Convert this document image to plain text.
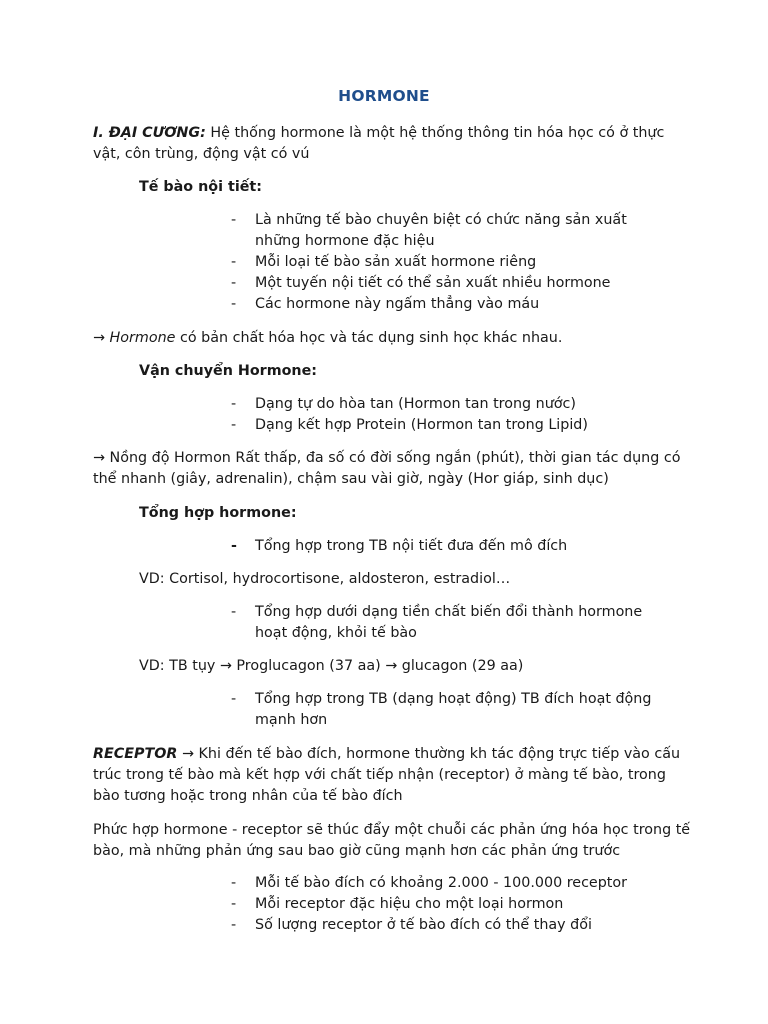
HORMONE
I. ĐẠI CƯƠNG: Hệ thống hormone là một hệ thống thông tin hóa học có ở thực vật, côn trùng, động vật có vú
Tế bào nội tiết:
- Là những tế bào chuyên biệt có chức năng sản xuất những hormone đặc hiệu
- Mỗi loại tế bào sản xuất hormone riêng
- Một tuyến nội tiết có thể sản xuất nhiều hormone
- Các hormone này ngấm thẳng vào máu
→ Hormone có bản chất hóa học và tác dụng sinh học khác nhau.
Vận chuyển Hormone:
- Dạng tự do hòa tan (Hormon tan trong nước)
- Dạng kết hợp Protein (Hormon tan trong Lipid)
→ Nồng độ Hormon Rất thấp, đa số có đời sống ngắn (phút), thời gian tác dụng có thể nhanh (giây, adrenalin), chậm sau vài giờ, ngày (Hor giáp, sinh dục)
Tổng hợp hormone:
- Tổng hợp trong TB nội tiết đưa đến mô đích
VD: Cortisol, hydrocortisone, aldosteron, estradiol…
- Tổng hợp dưới dạng tiền chất biến đổi thành hormone hoạt động, khỏi tế bào
VD: TB tụy → Proglucagon (37 aa) → glucagon (29 aa)
- Tổng hợp trong TB (dạng hoạt động) TB đích hoạt động mạnh hơn
RECEPTOR → Khi đến tế bào đích, hormone thường kh tác động trực tiếp vào cấu trúc trong tế bào mà kết hợp với chất tiếp nhận (receptor) ở màng tế bào, trong bào tương hoặc trong nhân của tế bào đích
Phức hợp hormone - receptor sẽ thúc đẩy một chuỗi các phản ứng hóa học trong tế bào, mà những phản ứng sau bao giờ cũng mạnh hơn các phản ứng trước
- Mỗi tế bào đích có khoảng 2.000 - 100.000 receptor
- Mỗi receptor đặc hiệu cho một loại hormon
- Số lượng receptor ở tế bào đích có thể thay đổi
